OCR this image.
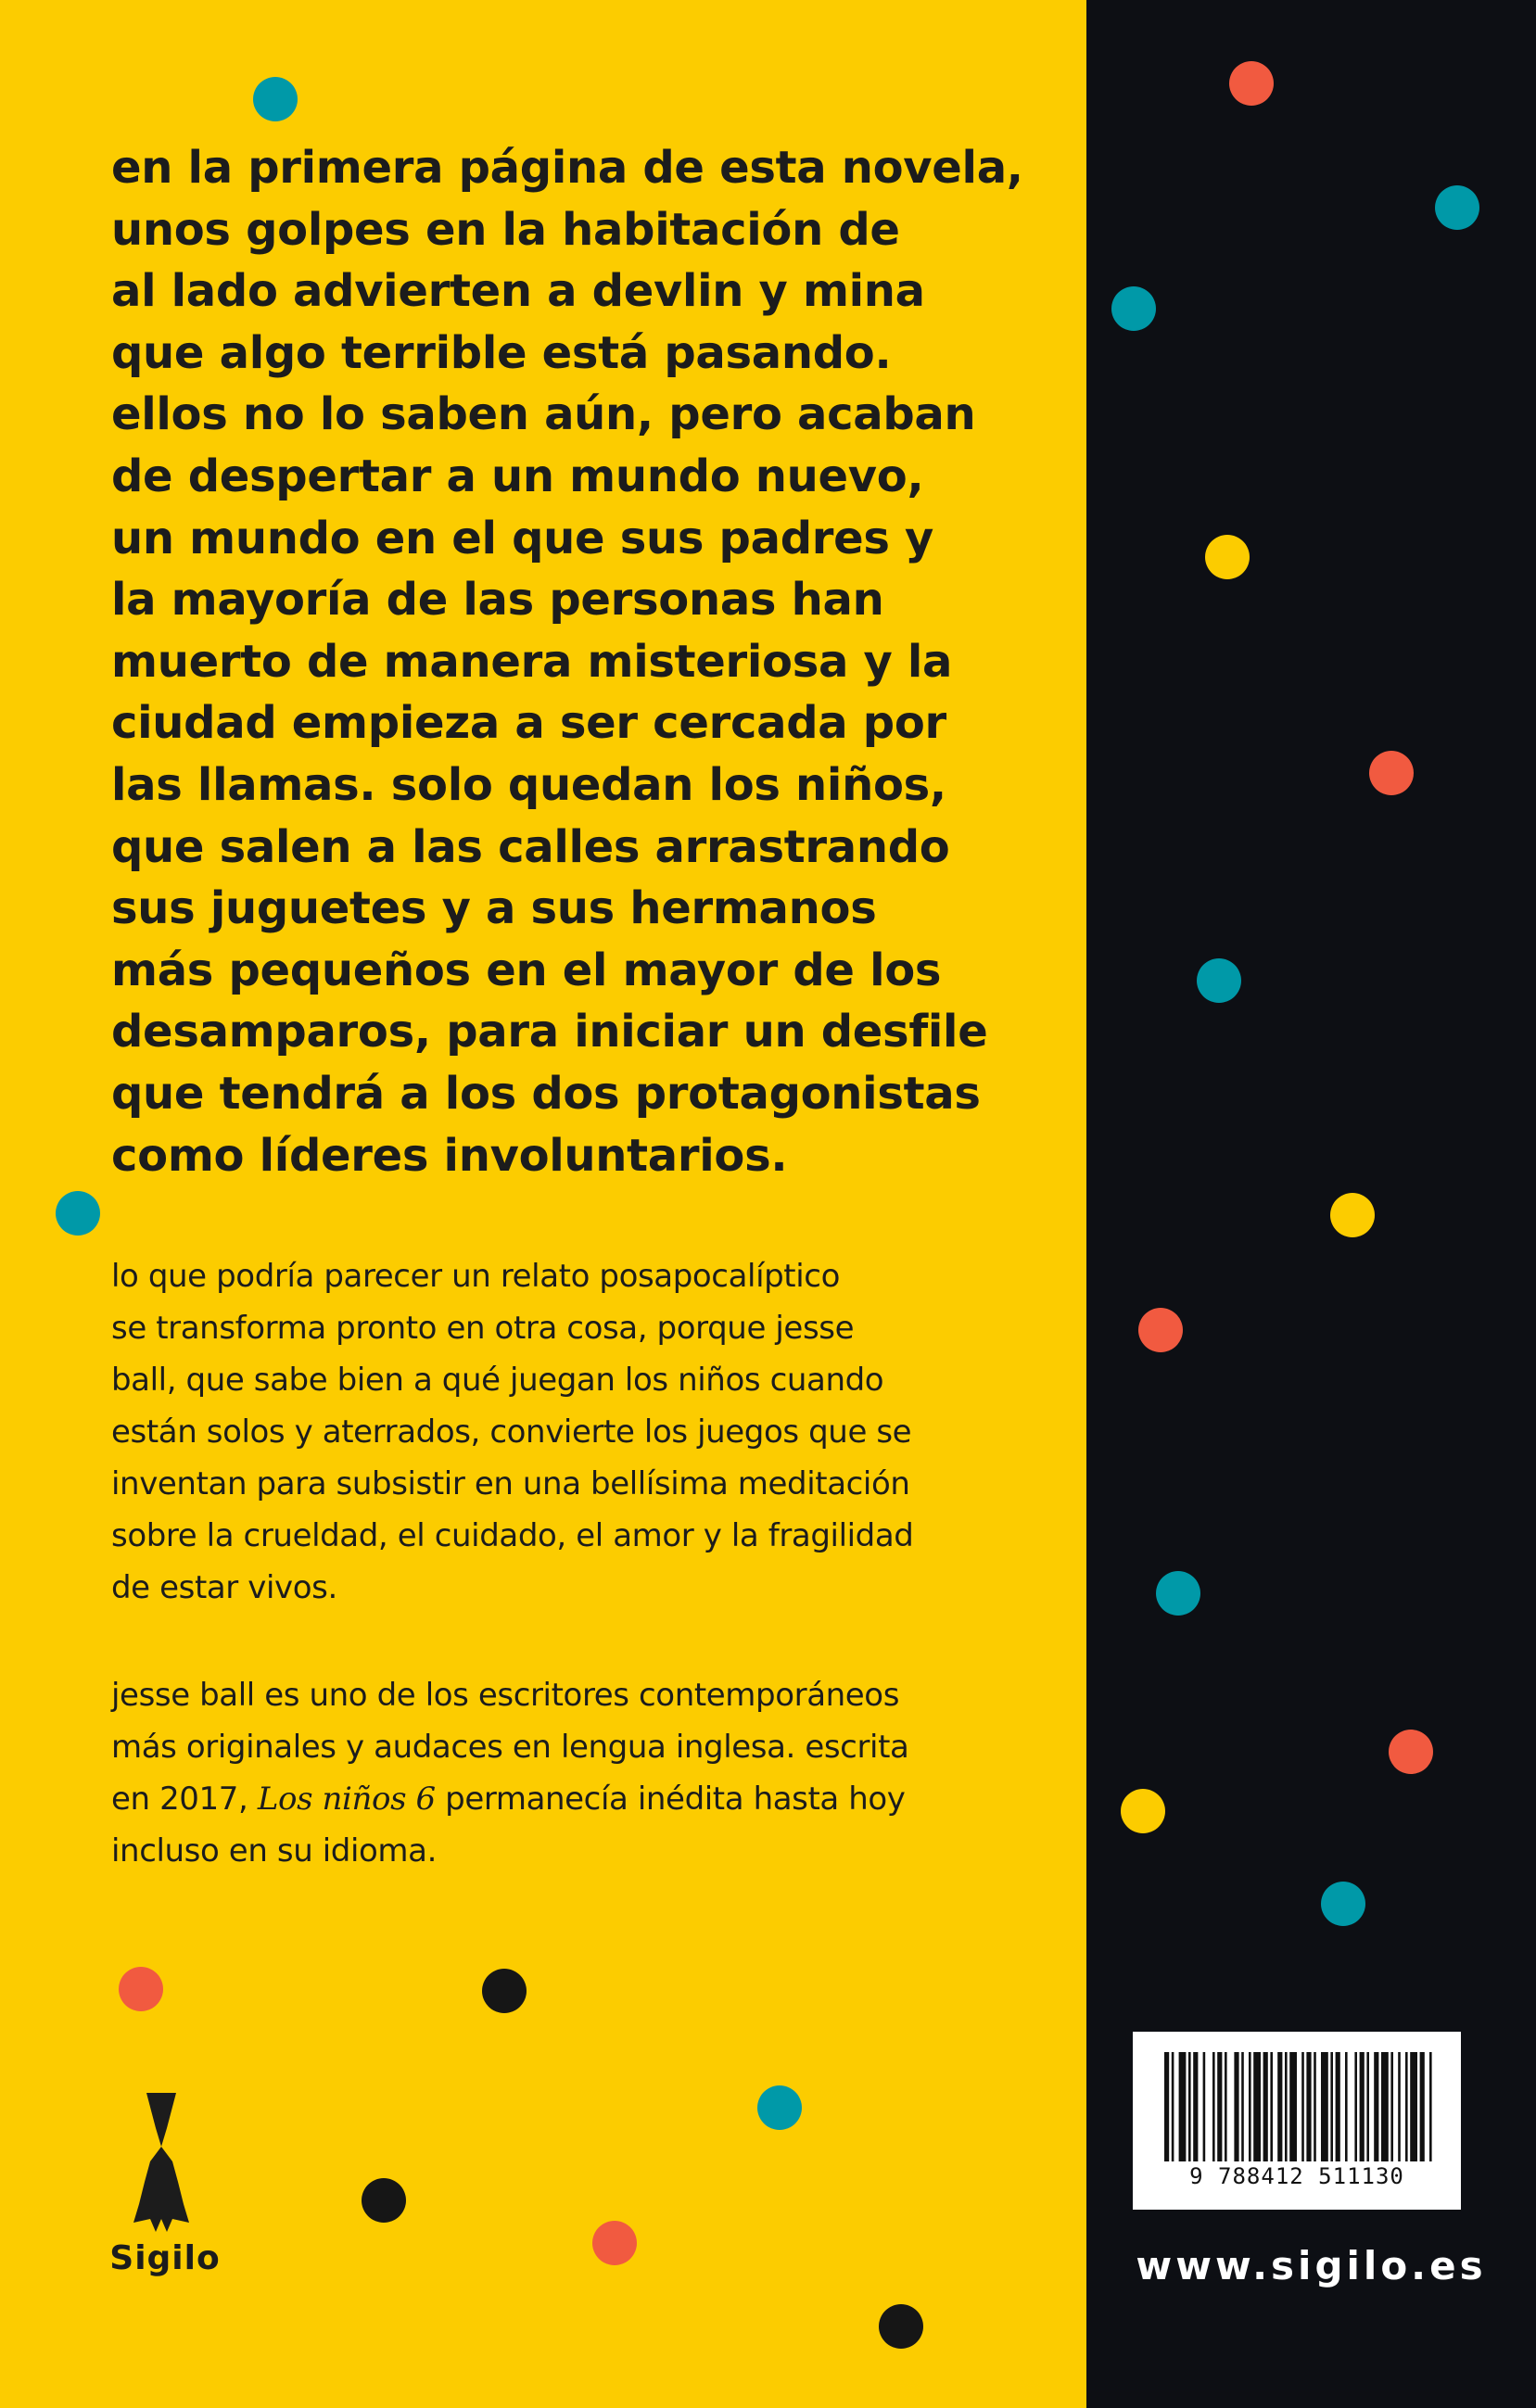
en la primera página de esta novela,
unos golpes en la habitación de
al lado advierten a devlin y mina
que algo terrible está pasando.
ellos no lo saben aún, pero acaban
de despertar a un mundo nuevo,
un mundo en el que sus padres y
la mayoría de las personas han
muerto de manera misteriosa y la
ciudad empieza a ser cercada por
las llamas. solo quedan los niños,
que salen a las calles arrastrando
sus juguetes y a sus hermanos
más pequeños en el mayor de los
desamparos, para iniciar un desfile
que tendrá a los dos protagonistas
como líderes involuntarios.
lo que podría parecer un relato posapocalíptico
se transforma pronto en otra cosa, porque jesse
ball, que sabe bien a qué juegan los niños cuando
están solos y aterrados, convierte los juegos que se
inventan para subsistir en una bellísima meditación
sobre la crueldad, el cuidado, el amor y la fragilidad
de estar vivos.
jesse ball es uno de los escritores contemporáneos
más originales y audaces en lengua inglesa. escrita
en 2017, Los niños 6 permanecía inédita hasta hoy
incluso en su idioma.
Sigilo
9 788412 511130
www.sigilo.es
